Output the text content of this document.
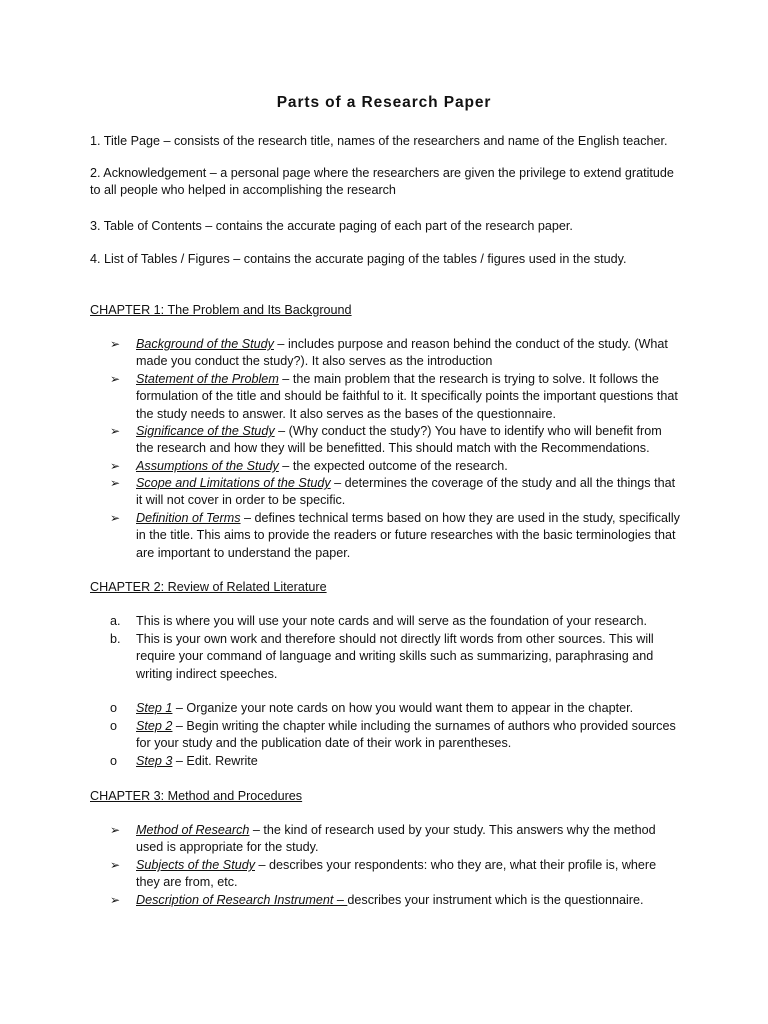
Parts of a Research Paper
1. Title Page – consists of the research title, names of the researchers and name of the English teacher.
2. Acknowledgement – a personal page where the researchers are given the privilege to extend gratitude to all people who helped in accomplishing the research
3. Table of Contents – contains the accurate paging of each part of the research paper.
4. List of Tables / Figures – contains the accurate paging of the tables / figures used in the study.
CHAPTER 1: The Problem and Its Background
➢	Background of the Study – includes purpose and reason behind the conduct of the study. (What made you conduct the study?). It also serves as the introduction
➢	Statement of the Problem – the main problem that the research is trying to solve. It follows the formulation of the title and should be faithful to it. It specifically points the important questions that the study needs to answer. It also serves as the bases of the questionnaire.
➢	Significance of the Study – (Why conduct the study?) You have to identify who will benefit from the research and how they will be benefitted. This should match with the Recommendations.
➢	Assumptions of the Study – the expected outcome of the research.
➢	Scope and Limitations of the Study – determines the coverage of the study and all the things that it will not cover in order to be specific.
➢	Definition of Terms – defines technical terms based on how they are used in the study, specifically in the title. This aims to provide the readers or future researches with the basic terminologies that are important to understand the paper.
CHAPTER 2: Review of Related Literature
a. This is where you will use your note cards and will serve as the foundation of your research.
b. This is your own work and therefore should not directly lift words from other sources. This will require your command of language and writing skills such as summarizing, paraphrasing and writing indirect speeches.
o	Step 1 – Organize your note cards on how you would want them to appear in the chapter.
o	Step 2 – Begin writing the chapter while including the surnames of authors who provided sources for your study and the publication date of their work in parentheses.
o	Step 3 – Edit. Rewrite
CHAPTER 3: Method and Procedures
➢	Method of Research – the kind of research used by your study. This answers why the method used is appropriate for the study.
➢	Subjects of the Study – describes your respondents: who they are, what their profile is, where they are from, etc.
➢	Description of Research Instrument – describes your instrument which is the questionnaire.
